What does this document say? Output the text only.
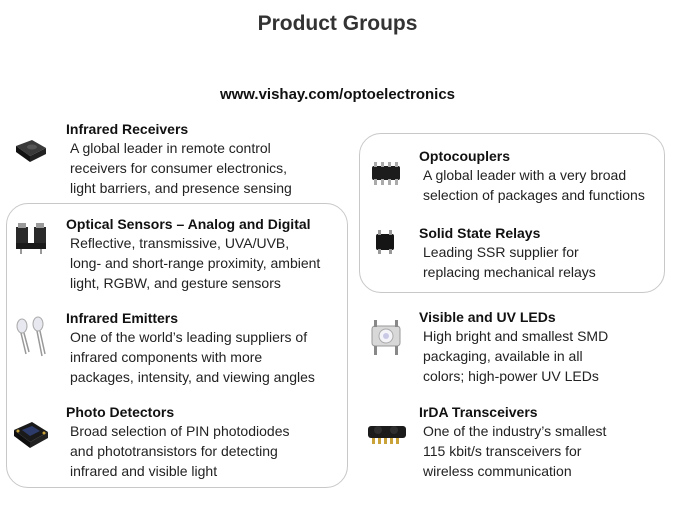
Product Groups
www.vishay.com/optoelectronics
Infrared Receivers
A global leader in remote control
receivers for consumer electronics,
light barriers, and presence sensing
Optical Sensors – Analog and Digital
Reflective, transmissive, UVA/UVB,
long- and short-range proximity, ambient
light, RGBW, and gesture sensors
Infrared Emitters
One of the world’s leading suppliers of
infrared components with more
packages, intensity, and viewing angles
Photo Detectors
Broad selection of PIN photodiodes
and phototransistors for detecting
infrared and visible light
Optocouplers
A global leader with a very broad
selection of packages and functions
Solid State Relays
Leading SSR supplier for
replacing mechanical relays
Visible and UV LEDs
High bright and smallest SMD
packaging, available in all
colors; high-power UV LEDs
IrDA Transceivers
One of the industry’s smallest
115 kbit/s transceivers for
wireless communication
